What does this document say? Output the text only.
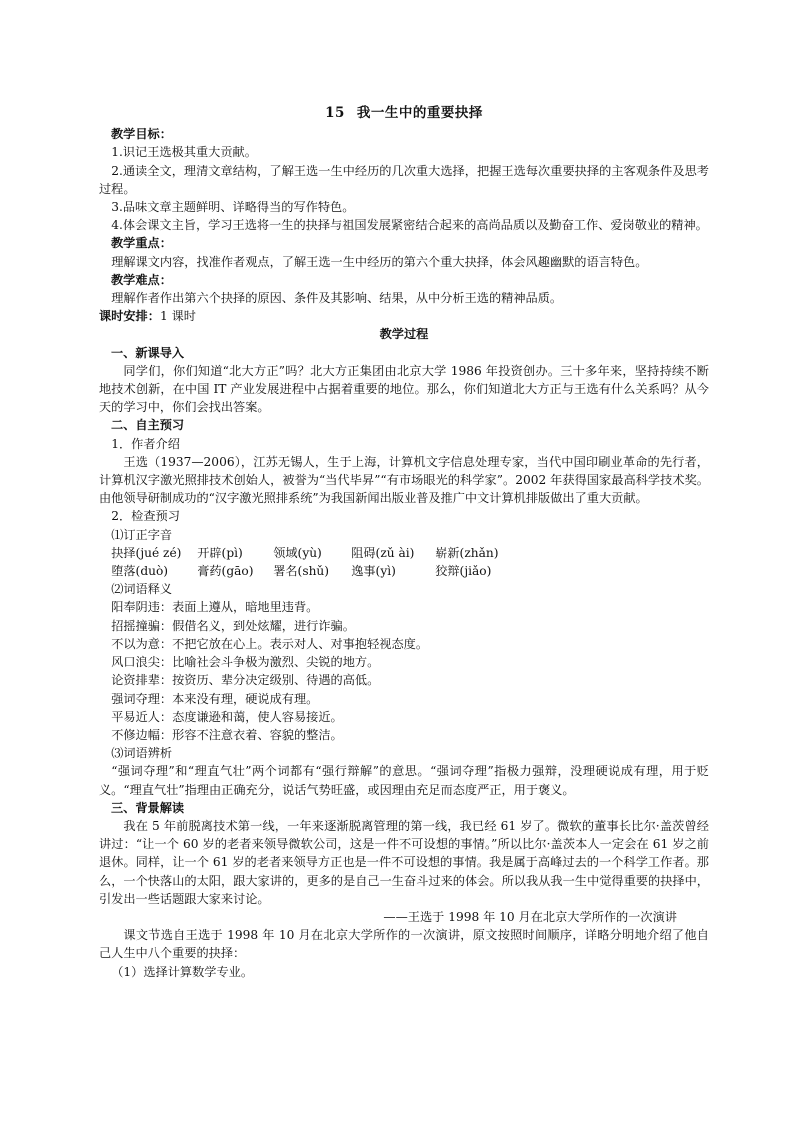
15 我一生中的重要抉择

教学目标：

1.识记王选极其重大贡献。

2.通读全文，理清文章结构，了解王选一生中经历的几次重大选择，把握王选每次重要抉择的主客观条件及思考过程。

3.品味文章主题鲜明、详略得当的写作特色。

4.体会课文主旨，学习王选将一生的抉择与祖国发展紧密结合起来的高尚品质以及勤奋工作、爱岗敬业的精神。

教学重点：

理解课文内容，找准作者观点，了解王选一生中经历的第六个重大抉择，体会风趣幽默的语言特色。

教学难点：

理解作者作出第六个抉择的原因、条件及其影响、结果，从中分析王选的精神品质。

课时安排：1 课时

教学过程

一、新课导入

同学们，你们知道“北大方正”吗？北大方正集团由北京大学 1986 年投资创办。三十多年来，坚持持续不断地技术创新，在中国 IT 产业发展进程中占据着重要的地位。那么，你们知道北大方正与王选有什么关系吗？从今天的学习中，你们会找出答案。

二、自主预习

1．作者介绍

王选（1937—2006），江苏无锡人，生于上海，计算机文字信息处理专家，当代中国印刷业革命的先行者，计算机汉字激光照排技术创始人，被誉为“当代毕昇”“有市场眼光的科学家”。2002 年获得国家最高科学技术奖。由他领导研制成功的“汉字激光照排系统”为我国新闻出版业普及推广中文计算机排版做出了重大贡献。

2．检查预习

⑴订正字音

抉择(jué zé)	开辟(pì)	领域(yù)	阻碍(zǔ ài)	崭新(zhǎn)
堕落(duò)	膏药(gāo)	署名(shǔ)	逸事(yì)	狡辩(jiǎo)

⑵词语释义

阳奉阴违：表面上遵从，暗地里违背。

招摇撞骗：假借名义，到处炫耀，进行诈骗。

不以为意：不把它放在心上。表示对人、对事抱轻视态度。

风口浪尖：比喻社会斗争极为激烈、尖锐的地方。

论资排辈：按资历、辈分决定级别、待遇的高低。

强词夺理：本来没有理，硬说成有理。

平易近人：态度谦逊和蔼，使人容易接近。

不修边幅：形容不注意衣着、容貌的整洁。

⑶词语辨析

“强词夺理”和“理直气壮”两个词都有“强行辩解”的意思。“强词夺理”指极力强辩，没理硬说成有理，用于贬义。“理直气壮”指理由正确充分，说话气势旺盛，或因理由充足而态度严正，用于褒义。

三、背景解读

我在 5 年前脱离技术第一线，一年来逐渐脱离管理的第一线，我已经 61 岁了。微软的董事长比尔·盖茨曾经讲过：“让一个 60 岁的老者来领导微软公司，这是一件不可设想的事情。”所以比尔·盖茨本人一定会在 61 岁之前退休。同样，让一个 61 岁的老者来领导方正也是一件不可设想的事情。我是属于高峰过去的一个科学工作者。那么，一个快落山的太阳，跟大家讲的，更多的是自己一生奋斗过来的体会。所以我从我一生中觉得重要的抉择中，引发出一些话题跟大家来讨论。

——王选于 1998 年 10 月在北京大学所作的一次演讲

课文节选自王选于 1998 年 10 月在北京大学所作的一次演讲，原文按照时间顺序，详略分明地介绍了他自己人生中八个重要的抉择：

（1）选择计算数学专业。
